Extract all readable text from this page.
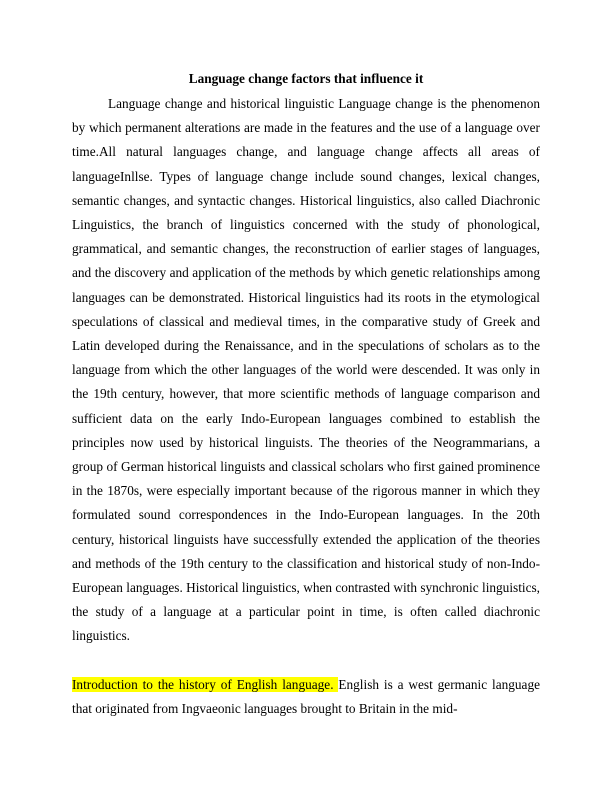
Language change factors that influence it

Language change and historical linguistic Language change is the phenomenon by which permanent alterations are made in the features and the use of a language over time.All natural languages change, and language change affects all areas of languageInllse. Types of language change include sound changes, lexical changes, semantic changes, and syntactic changes. Historical linguistics, also called Diachronic Linguistics, the branch of linguistics concerned with the study of phonological, grammatical, and semantic changes, the reconstruction of earlier stages of languages, and the discovery and application of the methods by which genetic relationships among languages can be demonstrated. Historical linguistics had its roots in the etymological speculations of classical and medieval times, in the comparative study of Greek and Latin developed during the Renaissance, and in the speculations of scholars as to the language from which the other languages of the world were descended. It was only in the 19th century, however, that more scientific methods of language comparison and sufficient data on the early Indo-European languages combined to establish the principles now used by historical linguists. The theories of the Neogrammarians, a group of German historical linguists and classical scholars who first gained prominence in the 1870s, were especially important because of the rigorous manner in which they formulated sound correspondences in the Indo-European languages. In the 20th century, historical linguists have successfully extended the application of the theories and methods of the 19th century to the classification and historical study of non-Indo-European languages. Historical linguistics, when contrasted with synchronic linguistics, the study of a language at a particular point in time, is often called diachronic linguistics.

Introduction to the history of English language. English is a west germanic language that originated from Ingvaeonic languages brought to Britain in the mid-
